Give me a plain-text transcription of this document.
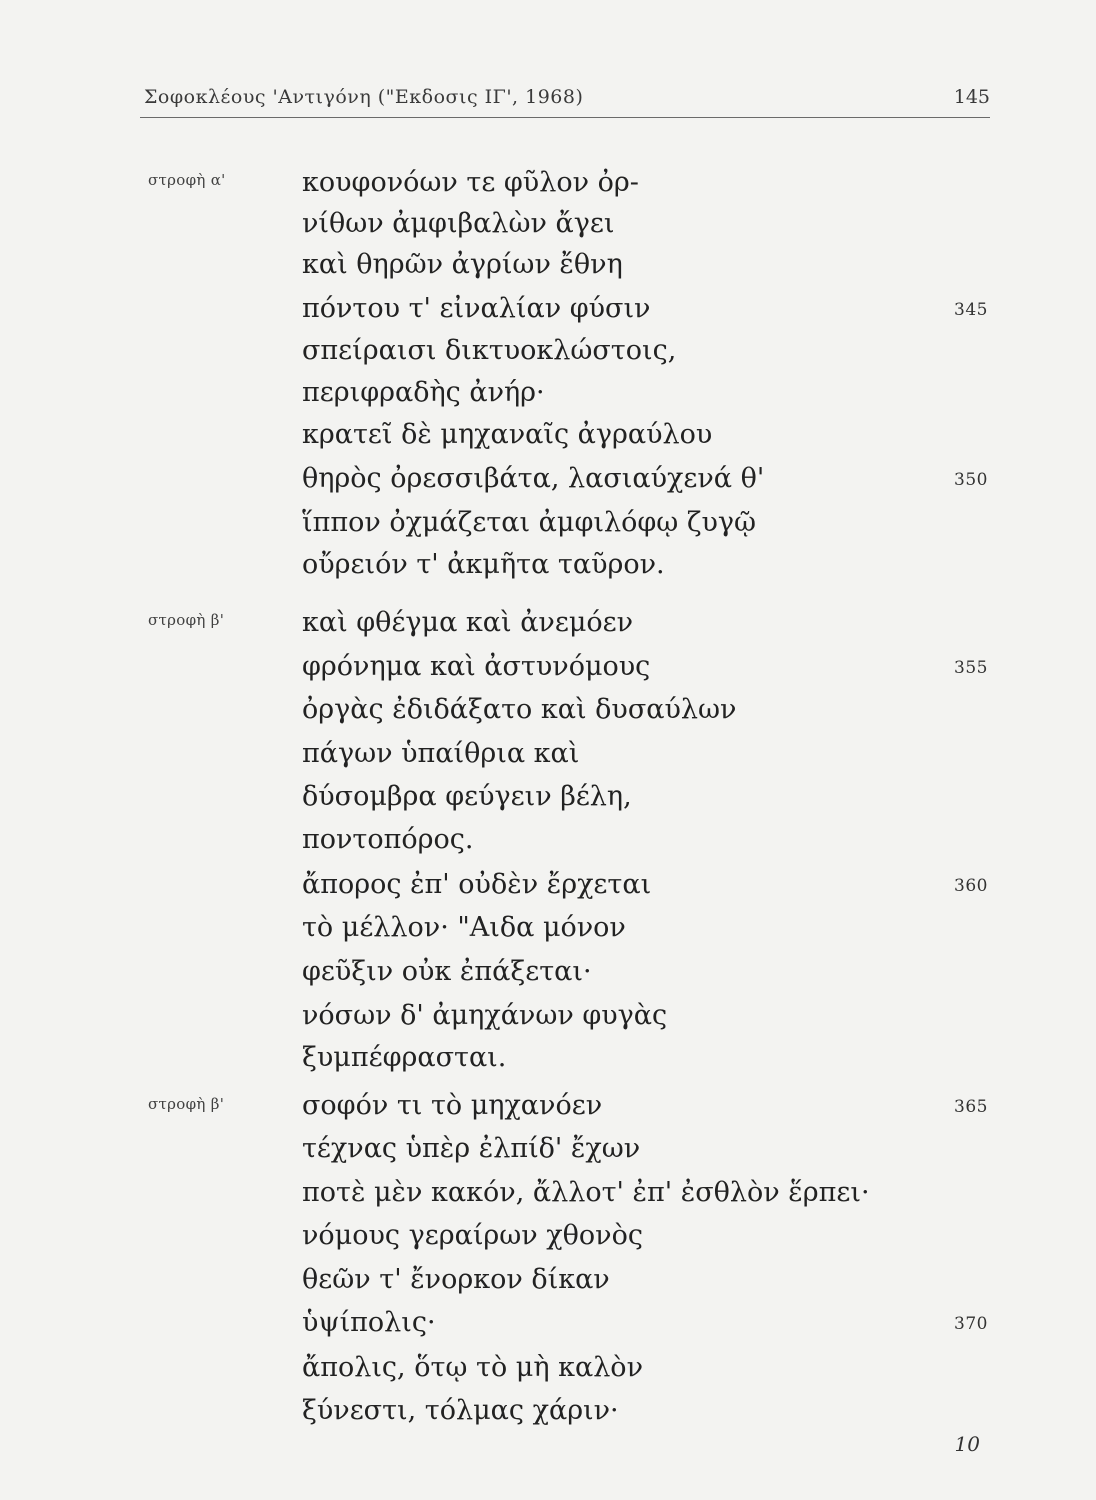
Σοφοκλέους 'Αντιγόνη ("Εκδοσις ΙΓ', 1968)	145
στροφὴ α'	κουφονόων τε φῦλον ὀρ-
νίθων ἀμφιβαλὼν ἄγει
καὶ θηρῶν ἀγρίων ἔθνη
πόντου τ' εἰναλίαν φύσιν	345
σπείραισι δικτυοκλώστοις,
περιφραδὴς ἀνήρ·
κρατεῖ δὲ μηχαναῖς ἀγραύλου
θηρὸς ὀρεσσιβάτα, λασιαύχενά θ'	350
ἵππον ὀχμάζεται ἀμφιλόφῳ ζυγῷ
οὔρειόν τ' ἀκμῆτα ταῦρον.
στροφὴ β'	καὶ φθέγμα καὶ ἀνεμόεν
φρόνημα καὶ ἀστυνόμους	355
ὀργὰς ἐδιδάξατο καὶ δυσαύλων
πάγων ὑπαίθρια καὶ
δύσομβρα φεύγειν βέλη,
ποντοπόρος.
ἄπορος ἐπ' οὐδὲν ἔρχεται	360
τὸ μέλλον· "Αιδα μόνον
φεῦξιν οὐκ ἐπάξεται·
νόσων δ' ἀμηχάνων φυγὰς
ξυμπέφρασται.
στροφὴ β'	σοφόν τι τὸ μηχανόεν	365
τέχνας ὑπὲρ ἐλπίδ' ἔχων
ποτὲ μὲν κακόν, ἄλλοτ' ἐπ' ἐσθλὸν ἕρπει·
νόμους γεραίρων χθονὸς
θεῶν τ' ἔνορκον δίκαν
ὑψίπολις·	370
ἄπολις, ὅτῳ τὸ μὴ καλὸν
ξύνεστι, τόλμας χάριν·
10
